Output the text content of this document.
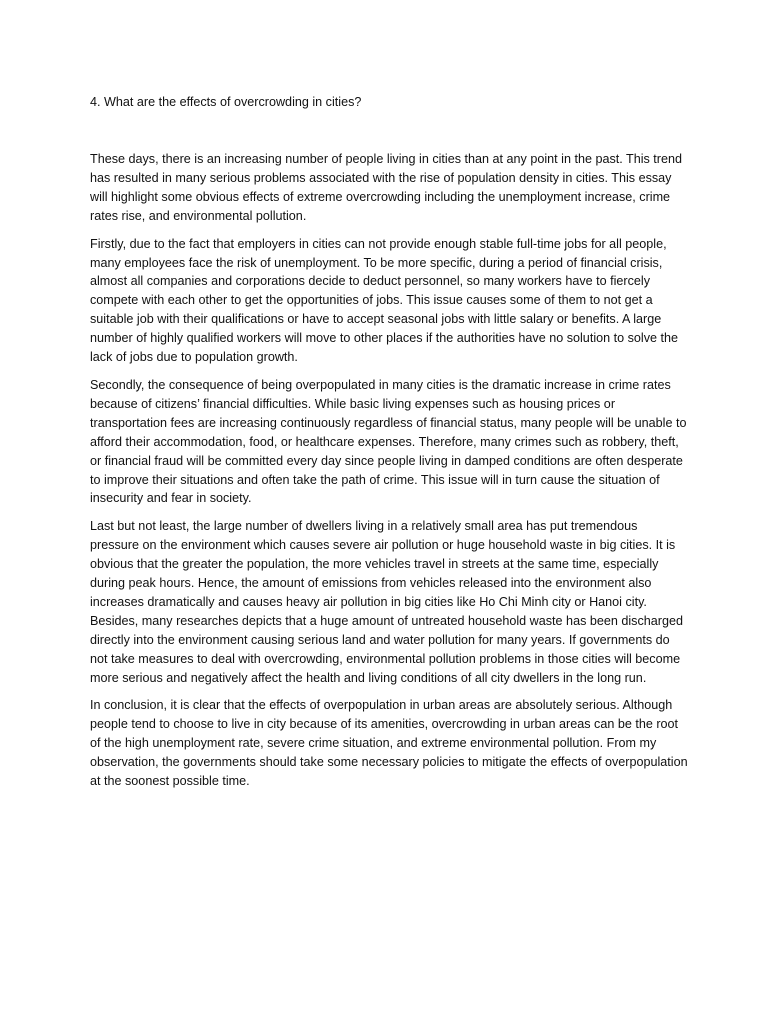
4. What are the effects of overcrowding in cities?

These days, there is an increasing number of people living in cities than at any point in the past. This trend has resulted in many serious problems associated with the rise of population density in cities. This essay will highlight some obvious effects of extreme overcrowding including the unemployment increase, crime rates rise, and environmental pollution.

Firstly, due to the fact that employers in cities can not provide enough stable full-time jobs for all people, many employees face the risk of unemployment. To be more specific, during a period of financial crisis, almost all companies and corporations decide to deduct personnel, so many workers have to fiercely compete with each other to get the opportunities of jobs. This issue causes some of them to not get a suitable job with their qualifications or have to accept seasonal jobs with little salary or benefits. A large number of highly qualified workers will move to other places if the authorities have no solution to solve the lack of jobs due to population growth.

Secondly, the consequence of being overpopulated in many cities is the dramatic increase in crime rates because of citizens’ financial difficulties. While basic living expenses such as housing prices or transportation fees are increasing continuously regardless of financial status, many people will be unable to afford their accommodation, food, or healthcare expenses. Therefore, many crimes such as robbery, theft, or financial fraud will be committed every day since people living in damped conditions are often desperate to improve their situations and often take the path of crime. This issue will in turn cause the situation of insecurity and fear in society.

Last but not least, the large number of dwellers living in a relatively small area has put tremendous pressure on the environment which causes severe air pollution or huge household waste in big cities. It is obvious that the greater the population, the more vehicles travel in streets at the same time, especially during peak hours. Hence, the amount of emissions from vehicles released into the environment also increases dramatically and causes heavy air pollution in big cities like Ho Chi Minh city or Hanoi city. Besides, many researches depicts that a huge amount of untreated household waste has been discharged directly into the environment causing serious land and water pollution for many years. If governments do not take measures to deal with overcrowding, environmental pollution problems in those cities will become more serious and negatively affect the health and living conditions of all city dwellers in the long run.

In conclusion, it is clear that the effects of overpopulation in urban areas are absolutely serious. Although people tend to choose to live in city because of its amenities, overcrowding in urban areas can be the root of the high unemployment rate, severe crime situation, and extreme environmental pollution. From my observation, the governments should take some necessary policies to mitigate the effects of overpopulation at the soonest possible time.
